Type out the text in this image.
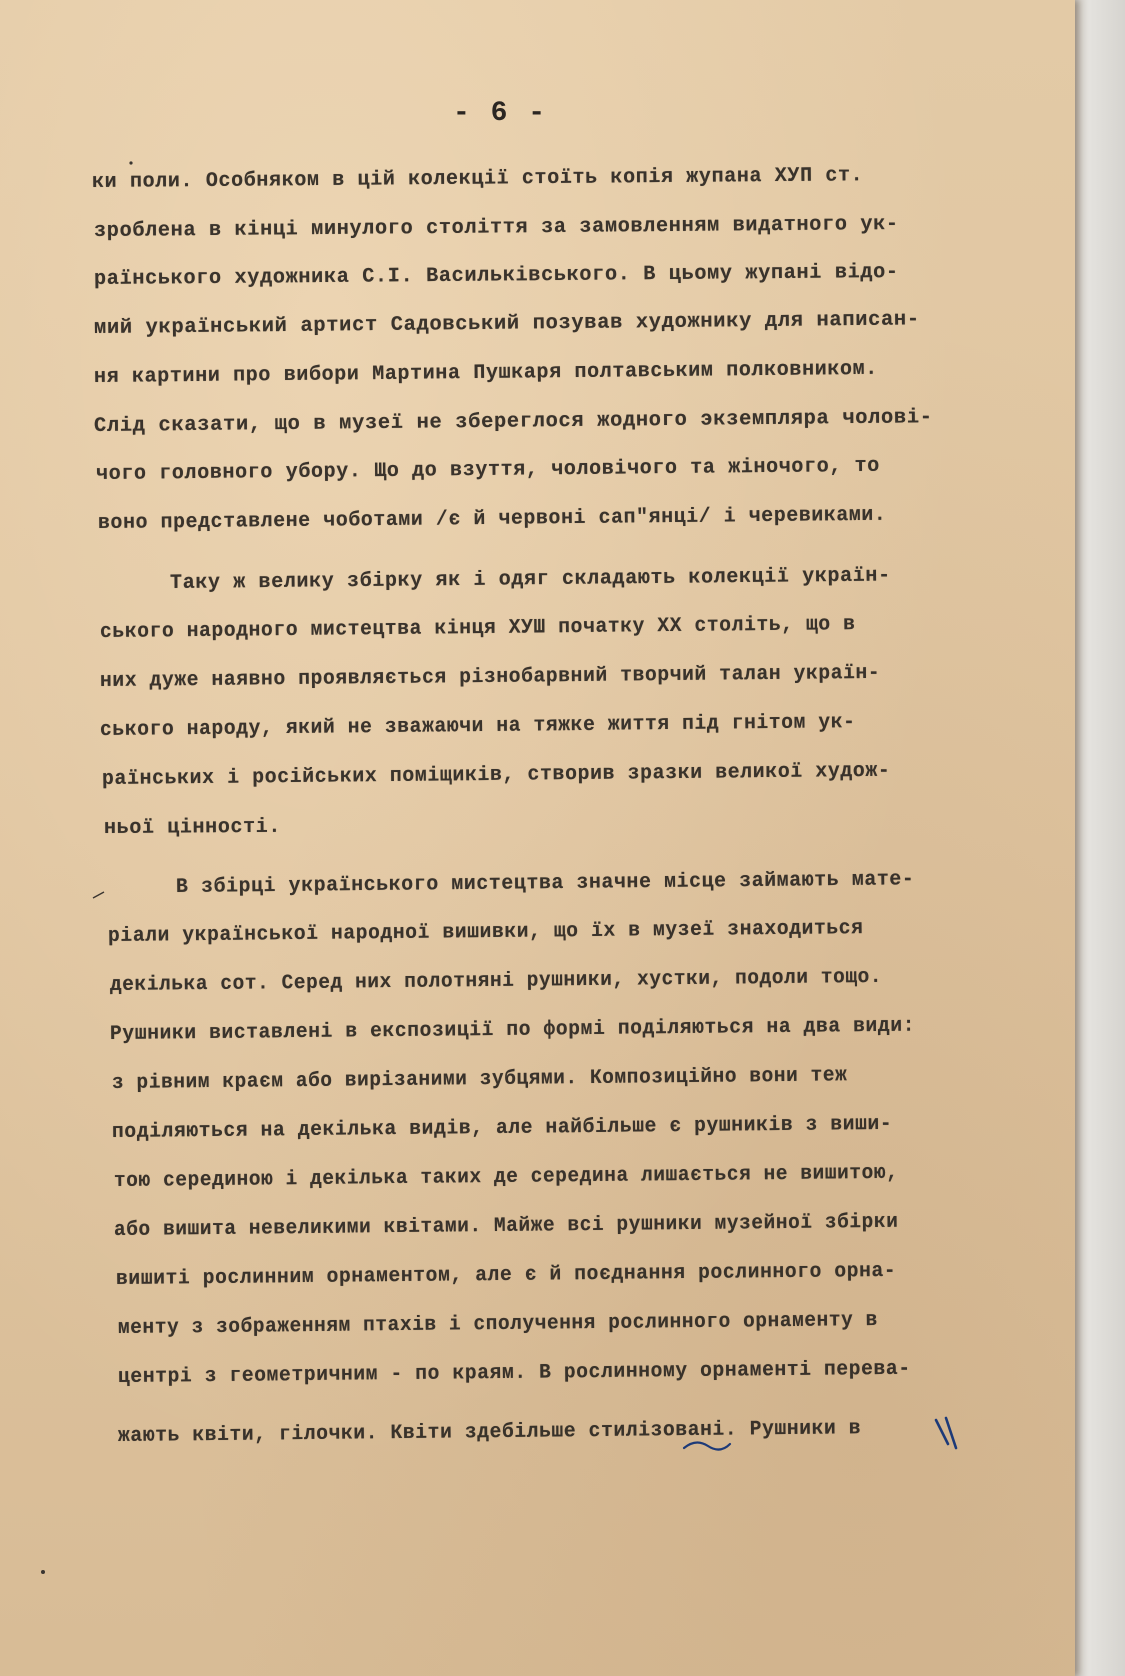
- 6 -
ки поли. Особняком в цій колекції стоїть копія жупана ХУП ст.
зроблена в кінці минулого століття за замовленням видатного ук-
раїнського художника С.І. Васильківського. В цьому жупані відо-
мий український артист Садовський позував художнику для написан-
ня картини про вибори Мартина Пушкаря полтавським полковником.
Слід сказати, що в музеї не збереглося жодного экземпляра чолові-
чого головного убору. Що до взуття, чоловічого та жіночого, то
воно представлене чоботами /є й червоні сап"янці/ і черевиками.
Таку ж велику збірку як і одяг складають колекції україн-
ського народного мистецтва кінця ХУШ початку ХХ століть, що в
них дуже наявно проявляється різнобарвний творчий талан україн-
ського народу, який не зважаючи на тяжке життя під гнітом ук-
раїнських і російських поміщиків, створив зразки великої худож-
ньої цінності.
В збірці українського мистецтва значне місце займають мате-
ріали української народної вишивки, що їх в музеї знаходиться
декілька сот. Серед них полотняні рушники, хустки, подоли тощо.
Рушники виставлені в експозиції по формі поділяються на два види:
з рівним краєм або вирізаними зубцями. Композиційно вони теж
поділяються на декілька видів, але найбільше є рушників з виши-
тою серединою і декілька таких де середина лишається не вишитою,
або вишита невеликими квітами. Майже всі рушники музейної збірки
вишиті рослинним орнаментом, але є й поєднання рослинного орна-
менту з зображенням птахів і сполучення рослинного орнаменту в
центрі з геометричним - по краям. В рослинному орнаменті перева-
жають квіти, гілочки. Квіти здебільше стилізовані. Рушники в
